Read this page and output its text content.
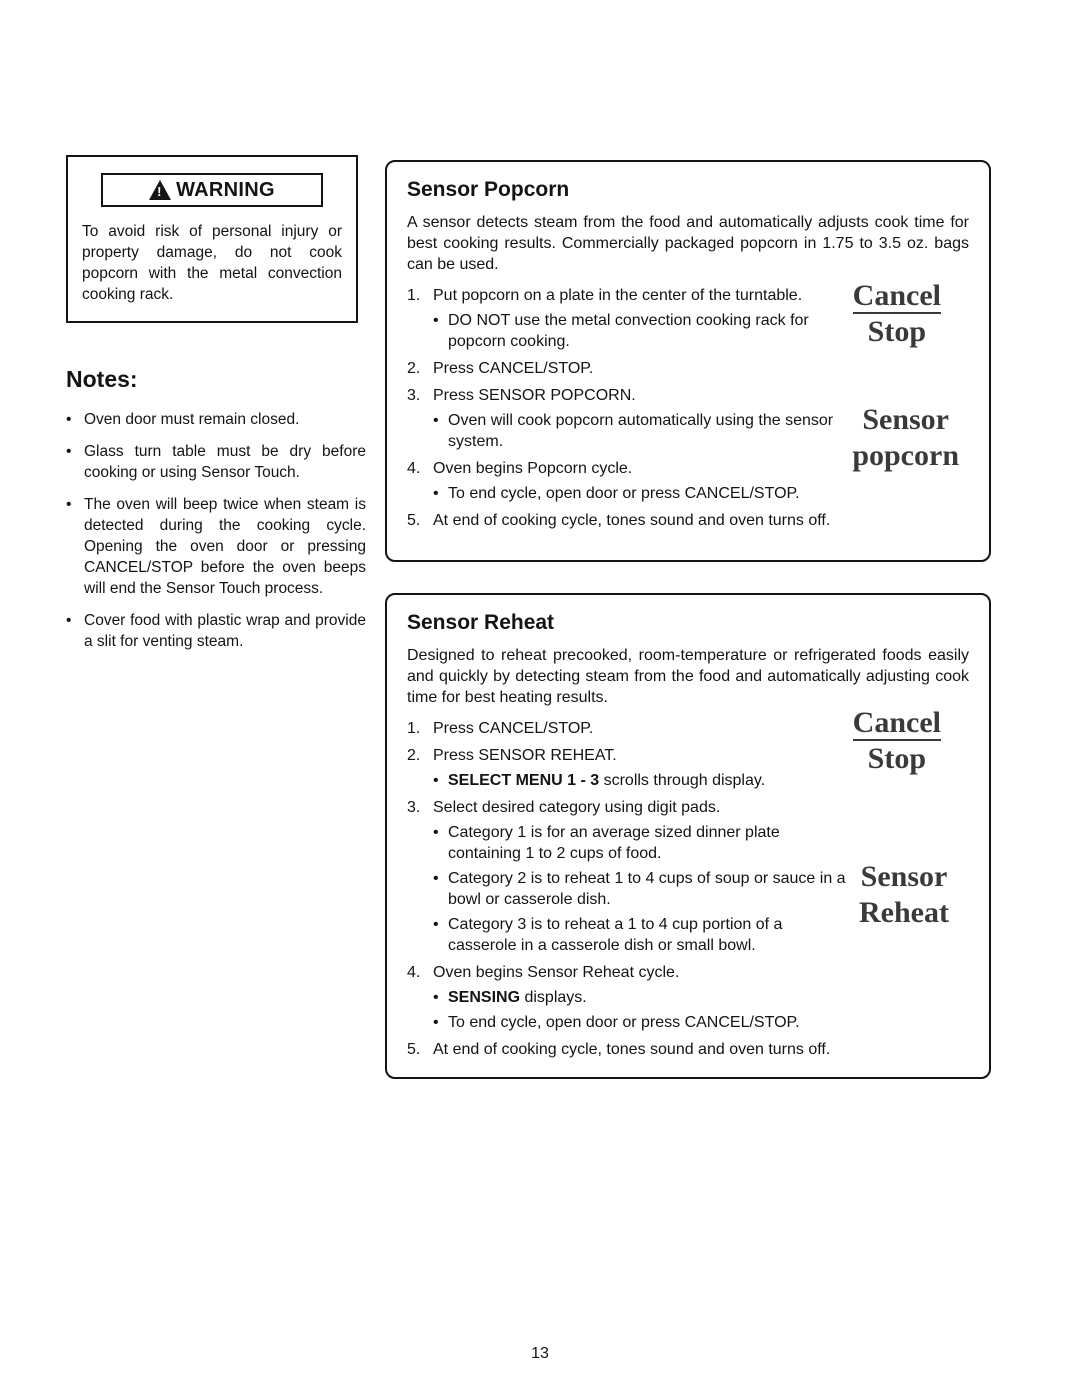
! WARNING
To avoid risk of personal injury or property damage, do not cook popcorn with the metal convection cooking rack.
Notes:
• Oven door must remain closed.
• Glass turn table must be dry before cooking or using Sensor Touch.
• The oven will beep twice when steam is detected during the cooking cycle. Opening the oven door or pressing CANCEL/STOP before the oven beeps will end the Sensor Touch process.
• Cover food with plastic wrap and provide a slit for venting steam.
Sensor Popcorn
A sensor detects steam from the food and automatically adjusts cook time for best cooking results. Commercially packaged popcorn in 1.75 to 3.5 oz. bags can be used.
1. Put popcorn on a plate in the center of the turntable.
• DO NOT use the metal convection cooking rack for popcorn cooking.
2. Press CANCEL/STOP.
3. Press SENSOR POPCORN.
• Oven will cook popcorn automatically using the sensor system.
4. Oven begins Popcorn cycle.
• To end cycle, open door or press CANCEL/STOP.
5. At end of cooking cycle, tones sound and oven turns off.
Cancel
Stop
Sensor
popcorn
Sensor Reheat
Designed to reheat precooked, room-temperature or refrigerated foods easily and quickly by detecting steam from the food and automatically adjusting cook time for best heating results.
1. Press CANCEL/STOP.
2. Press SENSOR REHEAT.
• SELECT MENU 1 - 3 scrolls through display.
3. Select desired category using digit pads.
• Category 1 is for an average sized dinner plate containing 1 to 2 cups of food.
• Category 2 is to reheat 1 to 4 cups of soup or sauce in a bowl or casserole dish.
• Category 3 is to reheat a 1 to 4 cup portion of a casserole in a casserole dish or small bowl.
4. Oven begins Sensor Reheat cycle.
• SENSING displays.
• To end cycle, open door or press CANCEL/STOP.
5. At end of cooking cycle, tones sound and oven turns off.
Cancel
Stop
Sensor
Reheat
13
